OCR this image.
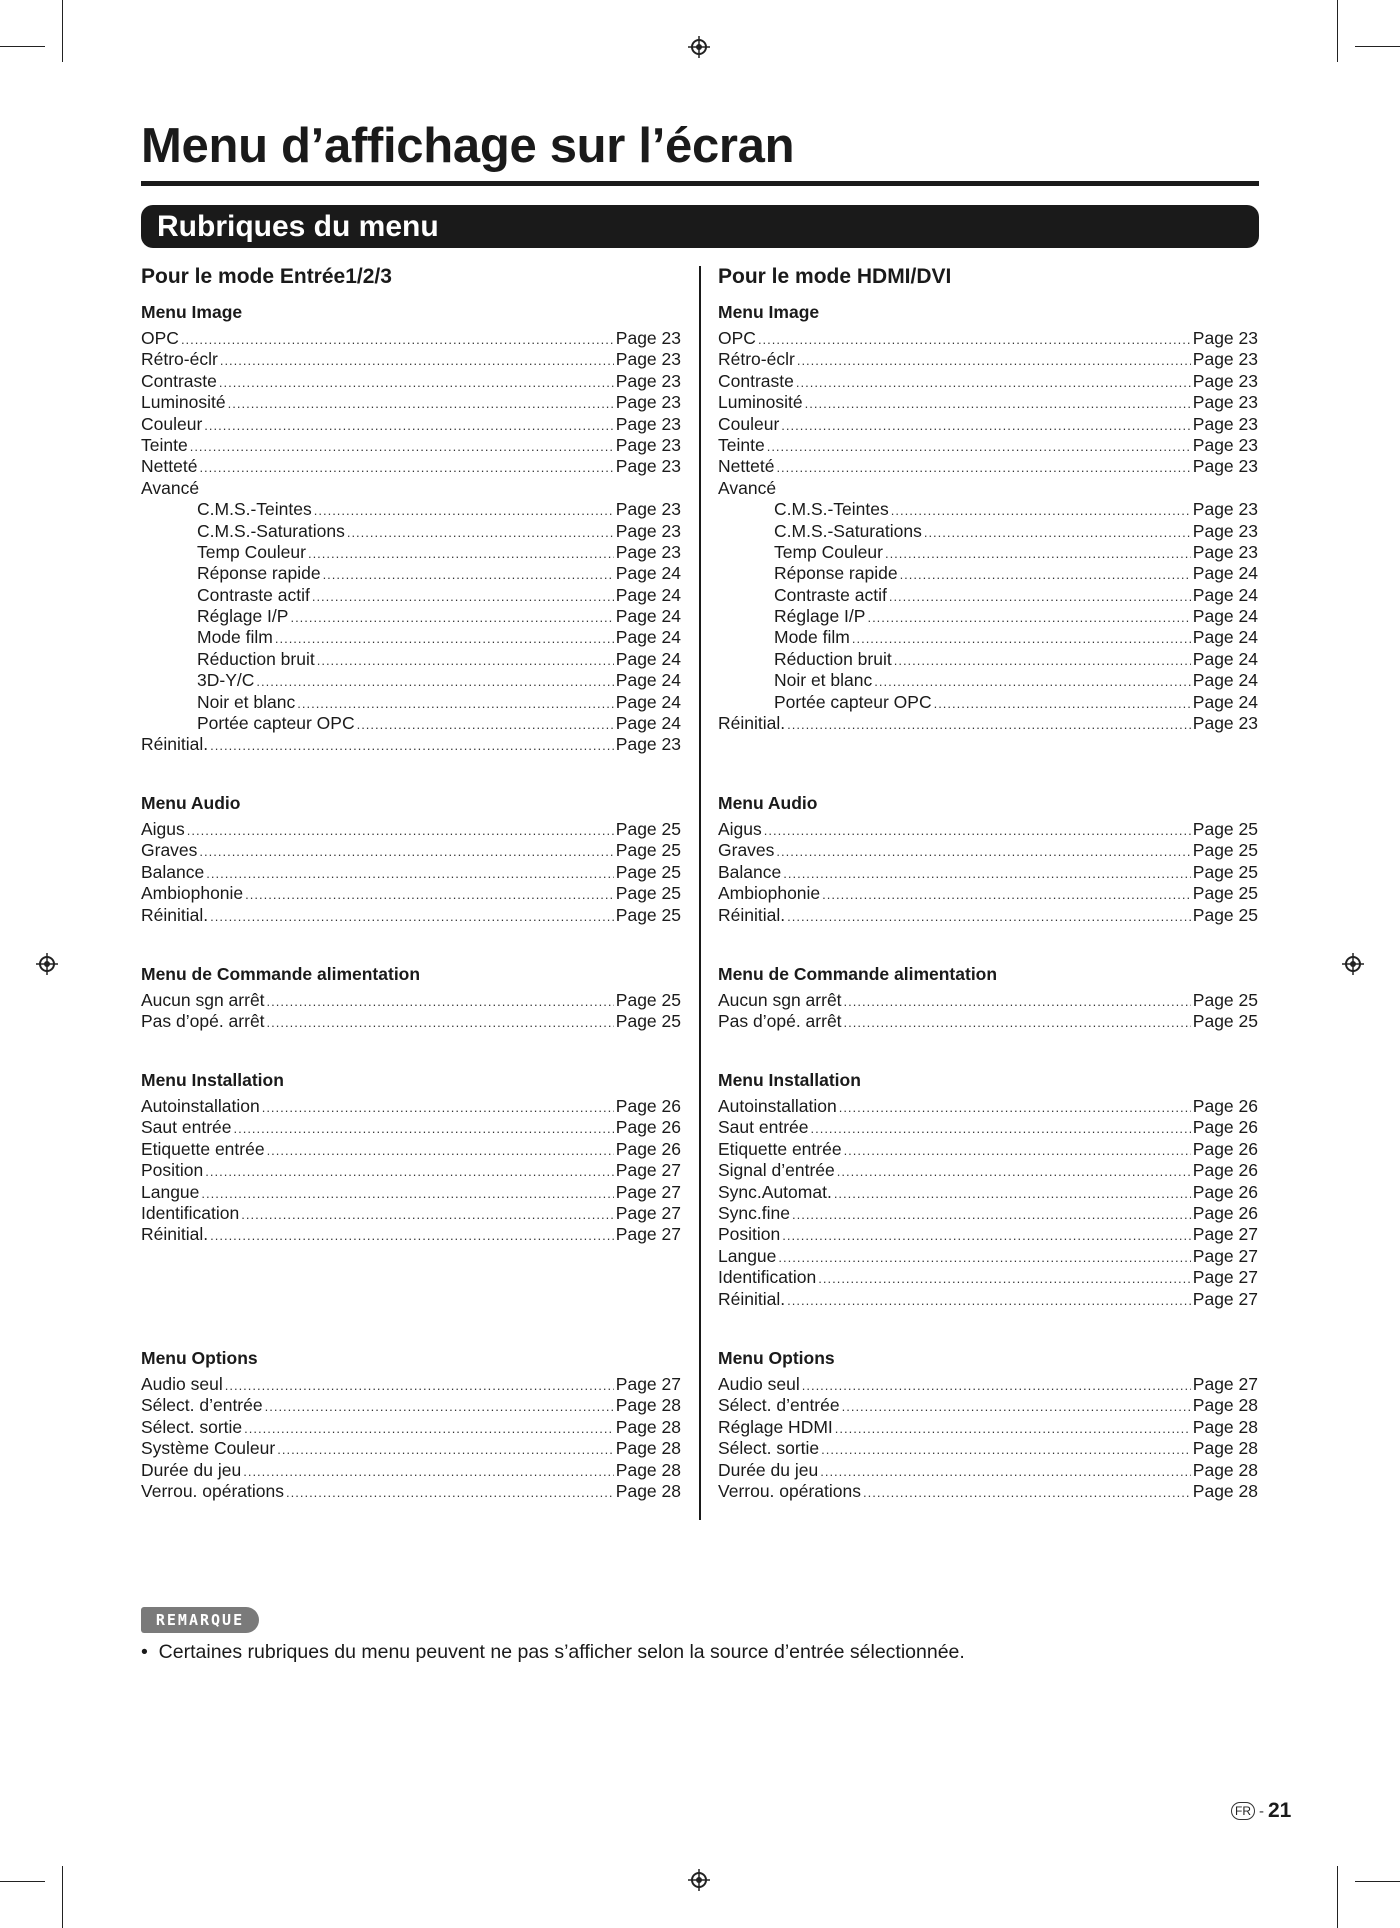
Menu d’affichage sur l’écran
Rubriques du menu
Pour le mode Entrée1/2/3
Menu Image
OPC .....	Page 23
Rétro-éclr .....	Page 23
Contraste .....	Page 23
Luminosité .....	Page 23
Couleur .....	Page 23
Teinte .....	Page 23
Netteté .....	Page 23
Avancé
C.M.S.-Teintes .....	Page 23
C.M.S.-Saturations .....	Page 23
Temp Couleur .....	Page 23
Réponse rapide .....	Page 24
Contraste actif .....	Page 24
Réglage I/P .....	Page 24
Mode film .....	Page 24
Réduction bruit .....	Page 24
3D-Y/C .....	Page 24
Noir et blanc .....	Page 24
Portée capteur OPC .....	Page 24
Réinitial. .....	Page 23
Menu Audio
Aigus .....	Page 25
Graves .....	Page 25
Balance .....	Page 25
Ambiophonie .....	Page 25
Réinitial. .....	Page 25
Menu de Commande alimentation
Aucun sgn arrêt .....	Page 25
Pas d’opé. arrêt .....	Page 25
Menu Installation
Autoinstallation .....	Page 26
Saut entrée .....	Page 26
Etiquette entrée .....	Page 26
Position .....	Page 27
Langue .....	Page 27
Identification .....	Page 27
Réinitial. .....	Page 27
Menu Options
Audio seul .....	Page 27
Sélect. d’entrée .....	Page 28
Sélect. sortie .....	Page 28
Système Couleur .....	Page 28
Durée du jeu .....	Page 28
Verrou. opérations .....	Page 28
Pour le mode HDMI/DVI
Menu Image
OPC .....	Page 23
Rétro-éclr .....	Page 23
Contraste .....	Page 23
Luminosité .....	Page 23
Couleur .....	Page 23
Teinte .....	Page 23
Netteté .....	Page 23
Avancé
C.M.S.-Teintes .....	Page 23
C.M.S.-Saturations .....	Page 23
Temp Couleur .....	Page 23
Réponse rapide .....	Page 24
Contraste actif .....	Page 24
Réglage I/P .....	Page 24
Mode film .....	Page 24
Réduction bruit .....	Page 24
Noir et blanc .....	Page 24
Portée capteur OPC .....	Page 24
Réinitial. .....	Page 23
Menu Audio
Aigus .....	Page 25
Graves .....	Page 25
Balance .....	Page 25
Ambiophonie .....	Page 25
Réinitial. .....	Page 25
Menu de Commande alimentation
Aucun sgn arrêt .....	Page 25
Pas d’opé. arrêt .....	Page 25
Menu Installation
Autoinstallation .....	Page 26
Saut entrée .....	Page 26
Etiquette entrée .....	Page 26
Signal d’entrée .....	Page 26
Sync.Automat. .....	Page 26
Sync.fine .....	Page 26
Position .....	Page 27
Langue .....	Page 27
Identification .....	Page 27
Réinitial. .....	Page 27
Menu Options
Audio seul .....	Page 27
Sélect. d’entrée .....	Page 28
Réglage HDMI .....	Page 28
Sélect. sortie .....	Page 28
Durée du jeu .....	Page 28
Verrou. opérations .....	Page 28
REMARQUE
• Certaines rubriques du menu peuvent ne pas s’afficher selon la source d’entrée sélectionnée.
FR - 21
